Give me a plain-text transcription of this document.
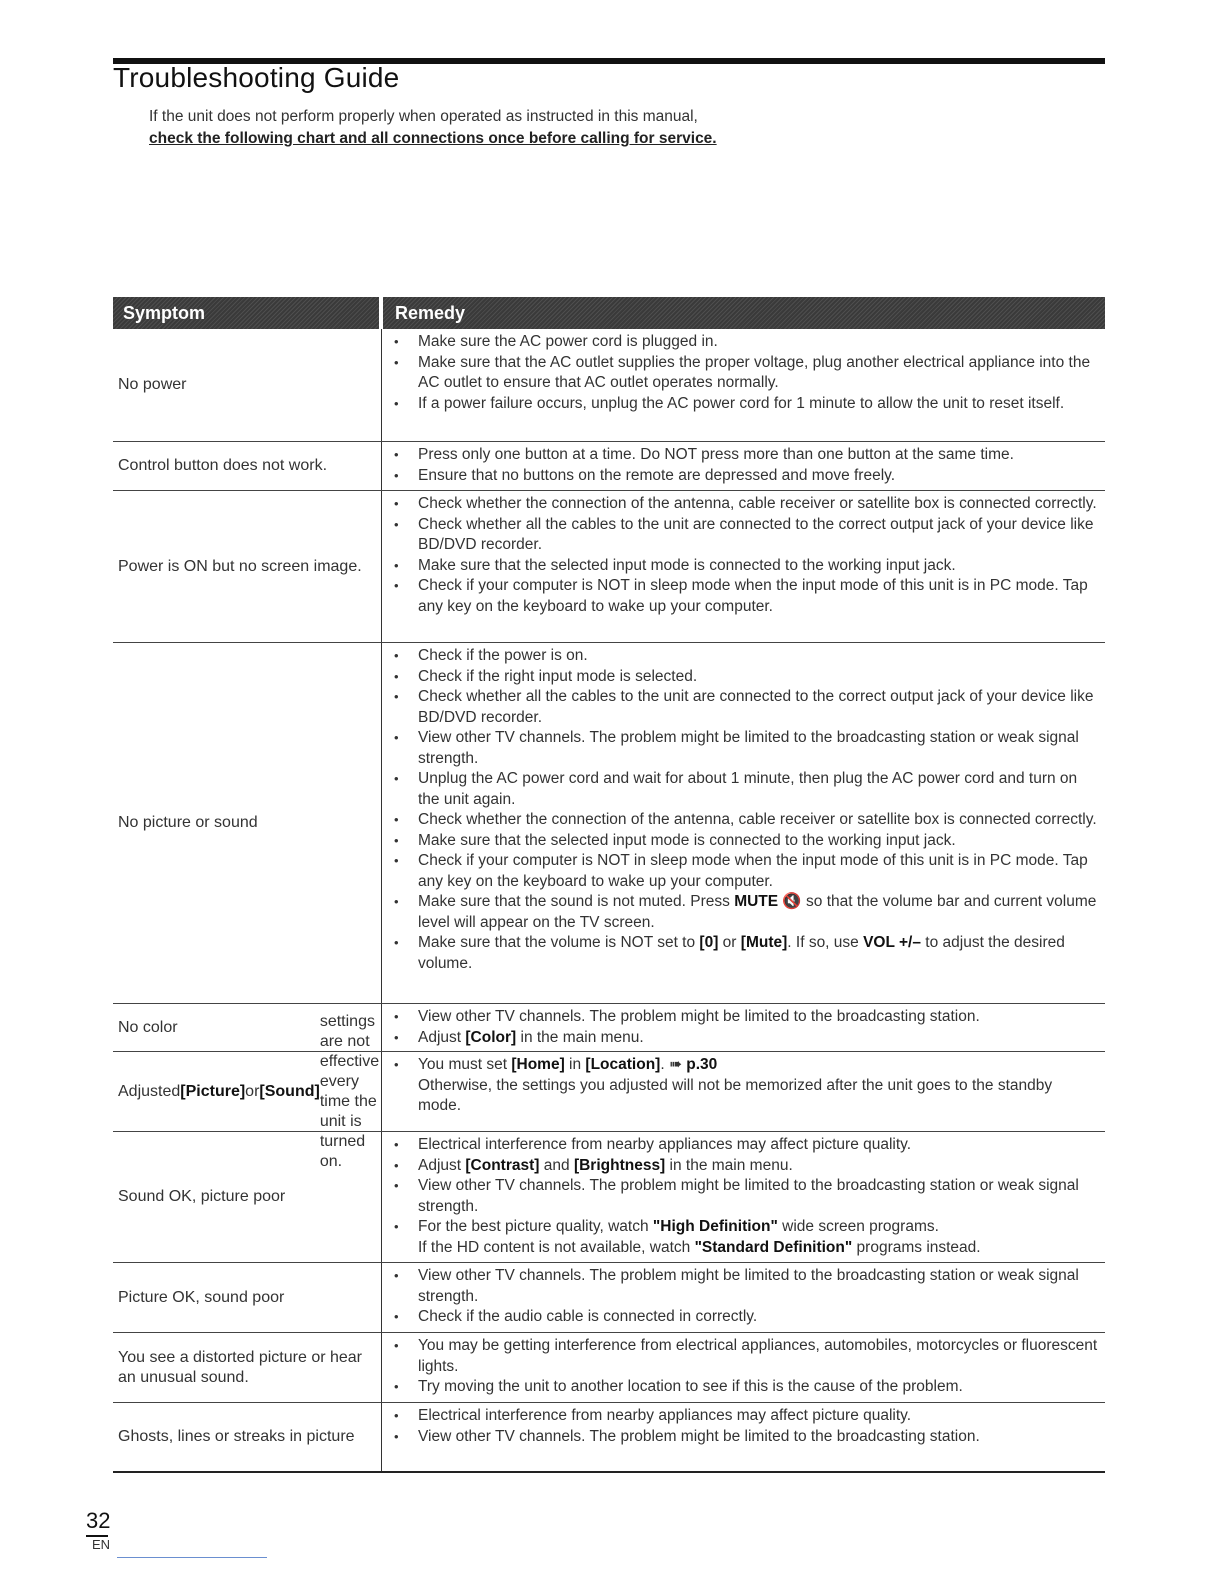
Troubleshooting Guide
If the unit does not perform properly when operated as instructed in this manual,
check the following chart and all connections once before calling for service.
Symptom	Remedy
No power
• Make sure the AC power cord is plugged in.
• Make sure that the AC outlet supplies the proper voltage, plug another electrical appliance into the AC outlet to ensure that AC outlet operates normally.
• If a power failure occurs, unplug the AC power cord for 1 minute to allow the unit to reset itself.
Control button does not work.
• Press only one button at a time. Do NOT press more than one button at the same time.
• Ensure that no buttons on the remote are depressed and move freely.
Power is ON but no screen image.
• Check whether the connection of the antenna, cable receiver or satellite box is connected correctly.
• Check whether all the cables to the unit are connected to the correct output jack of your device like BD/DVD recorder.
• Make sure that the selected input mode is connected to the working input jack.
• Check if your computer is NOT in sleep mode when the input mode of this unit is in PC mode. Tap any key on the keyboard to wake up your computer.
No picture or sound
• Check if the power is on.
• Check if the right input mode is selected.
• Check whether all the cables to the unit are connected to the correct output jack of your device like BD/DVD recorder.
• View other TV channels. The problem might be limited to the broadcasting station or weak signal strength.
• Unplug the AC power cord and wait for about 1 minute, then plug the AC power cord and turn on the unit again.
• Check whether the connection of the antenna, cable receiver or satellite box is connected correctly.
• Make sure that the selected input mode is connected to the working input jack.
• Check if your computer is NOT in sleep mode when the input mode of this unit is in PC mode. Tap any key on the keyboard to wake up your computer.
• Make sure that the sound is not muted. Press MUTE 🔇 so that the volume bar and current volume level will appear on the TV screen.
• Make sure that the volume is NOT set to [0] or [Mute]. If so, use VOL +/– to adjust the desired volume.
No color
• View other TV channels. The problem might be limited to the broadcasting station.
• Adjust [Color] in the main menu.
Adjusted [Picture] or [Sound]
settings are not effective every time the unit is turned on.
• You must set [Home] in [Location]. ➠ p.30
Otherwise, the settings you adjusted will not be memorized after the unit goes to the standby mode.
Sound OK, picture poor
• Electrical interference from nearby appliances may affect picture quality.
• Adjust [Contrast] and [Brightness] in the main menu.
• View other TV channels. The problem might be limited to the broadcasting station or weak signal strength.
• For the best picture quality, watch "High Definition" wide screen programs.
If the HD content is not available, watch "Standard Definition" programs instead.
Picture OK, sound poor
• View other TV channels. The problem might be limited to the broadcasting station or weak signal strength.
• Check if the audio cable is connected in correctly.
You see a distorted picture or hear an unusual sound.
• You may be getting interference from electrical appliances, automobiles, motorcycles or fluorescent lights.
• Try moving the unit to another location to see if this is the cause of the problem.
Ghosts, lines or streaks in picture
• Electrical interference from nearby appliances may affect picture quality.
• View other TV channels. The problem might be limited to the broadcasting station.
32
EN
